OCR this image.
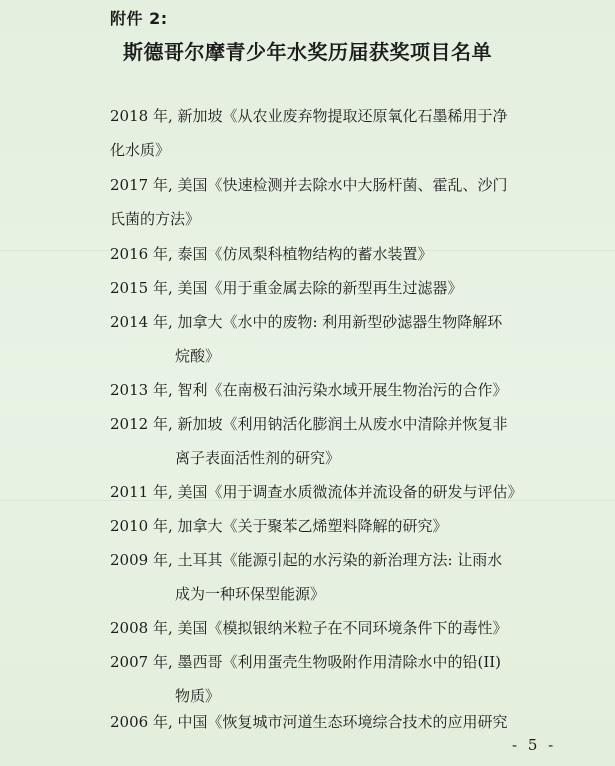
附件 2:
斯德哥尔摩青少年水奖历届获奖项目名单
2018 年, 新加坡《从农业废弃物提取还原氧化石墨稀用于净
化水质》
2017 年, 美国《快速检测并去除水中大肠杆菌、霍乱、沙门
氏菌的方法》
2016 年, 泰国《仿凤梨科植物结构的蓄水装置》
2015 年, 美国《用于重金属去除的新型再生过滤器》
2014 年, 加拿大《水中的废物: 利用新型砂滤器生物降解环
烷酸》
2013 年, 智利《在南极石油污染水域开展生物治污的合作》
2012 年, 新加坡《利用钠活化膨润土从废水中清除并恢复非
离子表面活性剂的研究》
2011 年, 美国《用于调查水质微流体并流设备的研发与评估》
2010 年, 加拿大《关于聚苯乙烯塑料降解的研究》
2009 年, 土耳其《能源引起的水污染的新治理方法: 让雨水
成为一种环保型能源》
2008 年, 美国《模拟银纳米粒子在不同环境条件下的毒性》
2007 年, 墨西哥《利用蛋壳生物吸附作用清除水中的铅(II)
物质》
2006 年, 中国《恢复城市河道生态环境综合技术的应用研究
- 5 -
